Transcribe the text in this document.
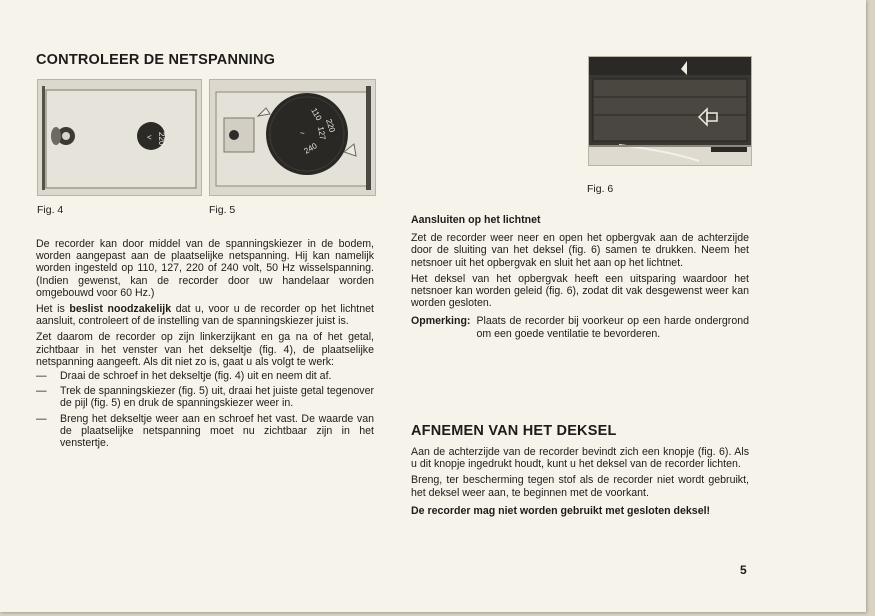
CONTROLEER DE NETSPANNING
220
<
Fig. 4
110
220
127
240
~
Fig. 5

De recorder kan door middel van de spanningskiezer in de bodem, worden aangepast aan de plaatselijke netspanning. Hij kan namelijk worden ingesteld op 110, 127, 220 of 240 volt, 50 Hz wisselspanning. (Indien gewenst, kan de recorder door uw handelaar worden omgebouwd voor 60 Hz.)

Het is beslist noodzakelijk dat u, voor u de recorder op het lichtnet aansluit, controleert of de instelling van de spanningskiezer juist is.

Zet daarom de recorder op zijn linkerzijkant en ga na of het getal, zichtbaar in het venster van het dekseltje (fig. 4), de plaatselijke netspanning aangeeft. Als dit niet zo is, gaat u als volgt te werk:

— Draai de schroef in het dekseltje (fig. 4) uit en neem dit af.
— Trek de spanningskiezer (fig. 5) uit, draai het juiste getal tegenover de pijl (fig. 5) en druk de spanningskiezer weer in.
— Breng het dekseltje weer aan en schroef het vast. De waarde van de plaatselijke netspanning moet nu zichtbaar zijn in het venstertje.
Fig. 6

Aansluiten op het lichtnet

Zet de recorder weer neer en open het opbergvak aan de achterzijde door de sluiting van het deksel (fig. 6) samen te drukken. Neem het netsnoer uit het opbergvak en sluit het aan op het lichtnet.

Het deksel van het opbergvak heeft een uitsparing waardoor het netsnoer kan worden geleid (fig. 6), zodat dit vak desgewenst weer kan worden gesloten.

Opmerking: Plaats de recorder bij voorkeur op een harde ondergrond om een goede ventilatie te bevorderen.
AFNEMEN VAN HET DEKSEL

Aan de achterzijde van de recorder bevindt zich een knopje (fig. 6). Als u dit knopje ingedrukt houdt, kunt u het deksel van de recorder lichten.

Breng, ter bescherming tegen stof als de recorder niet wordt gebruikt, het deksel weer aan, te beginnen met de voorkant.

De recorder mag niet worden gebruikt met gesloten deksel!

5
